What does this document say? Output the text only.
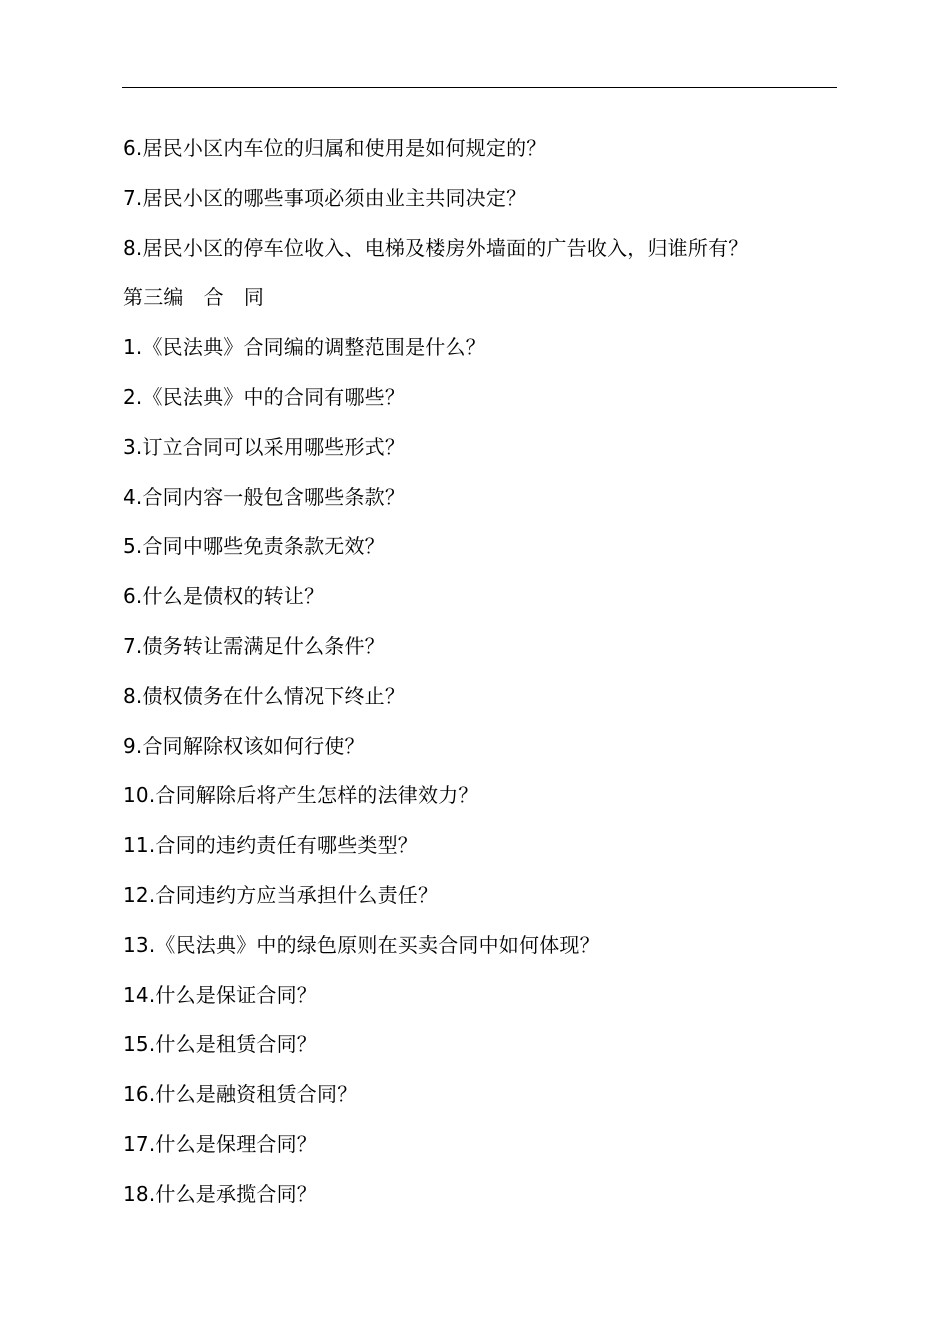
6.居民小区内车位的归属和使用是如何规定的？
7.居民小区的哪些事项必须由业主共同决定？
8.居民小区的停车位收入、电梯及楼房外墙面的广告收入，归谁所有？
第三编 合 同
1.《民法典》合同编的调整范围是什么？
2.《民法典》中的合同有哪些？
3.订立合同可以采用哪些形式？
4.合同内容一般包含哪些条款？
5.合同中哪些免责条款无效？
6.什么是债权的转让？
7.债务转让需满足什么条件？
8.债权债务在什么情况下终止？
9.合同解除权该如何行使？
10.合同解除后将产生怎样的法律效力？
11.合同的违约责任有哪些类型？
12.合同违约方应当承担什么责任？
13.《民法典》中的绿色原则在买卖合同中如何体现？
14.什么是保证合同？
15.什么是租赁合同？
16.什么是融资租赁合同？
17.什么是保理合同？
18.什么是承揽合同？
